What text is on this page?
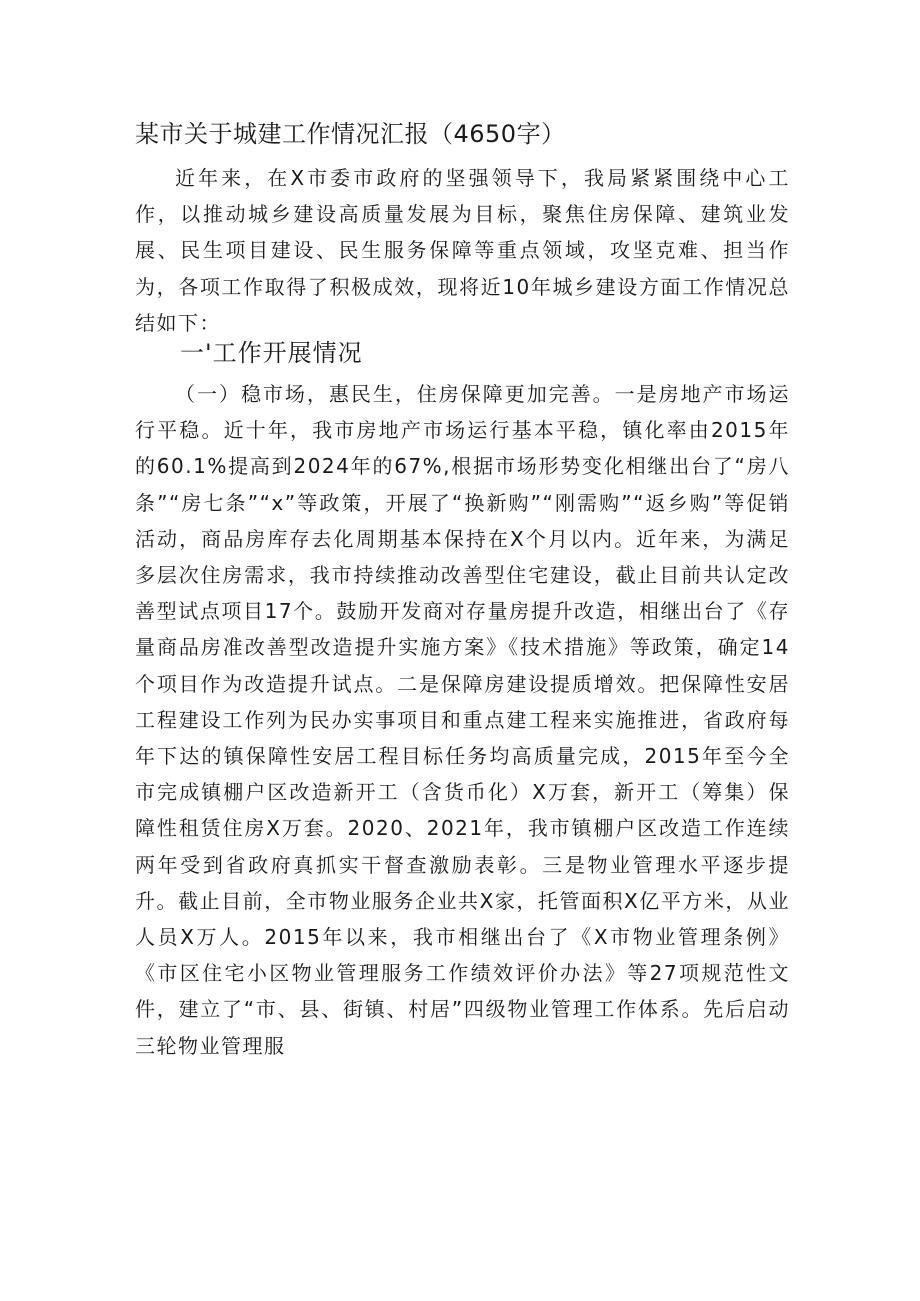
某市关于城建工作情况汇报（4650字）

近年来，在X市委市政府的坚强领导下，我局紧紧围绕中心工作，以推动城乡建设高质量发展为目标，聚焦住房保障、建筑业发展、民生项目建设、民生服务保障等重点领域，攻坚克难、担当作为，各项工作取得了积极成效，现将近10年城乡建设方面工作情况总结如下：

一'工作开展情况

（一）稳市场，惠民生，住房保障更加完善。一是房地产市场运行平稳。近十年，我市房地产市场运行基本平稳，镇化率由2015年的60.1%提高到2024年的67%,根据市场形势变化相继出台了“房八条”“房七条”“x”等政策，开展了“换新购”“刚需购”“返乡购”等促销活动，商品房库存去化周期基本保持在X个月以内。近年来，为满足多层次住房需求，我市持续推动改善型住宅建设，截止目前共认定改善型试点项目17个。鼓励开发商对存量房提升改造，相继出台了《存量商品房准改善型改造提升实施方案》《技术措施》等政策，确定14个项目作为改造提升试点。二是保障房建设提质增效。把保障性安居工程建设工作列为民办实事项目和重点建工程来实施推进，省政府每年下达的镇保障性安居工程目标任务均高质量完成，2015年至今全市完成镇棚户区改造新开工（含货币化）X万套，新开工（筹集）保障性租赁住房X万套。2020、2021年，我市镇棚户区改造工作连续两年受到省政府真抓实干督查激励表彰。三是物业管理水平逐步提升。截止目前，全市物业服务企业共X家，托管面积X亿平方米，从业人员X万人。2015年以来，我市相继出台了《X市物业管理条例》《市区住宅小区物业管理服务工作绩效评价办法》等27项规范性文件，建立了“市、县、街镇、村居”四级物业管理工作体系。先后启动三轮物业管理服
